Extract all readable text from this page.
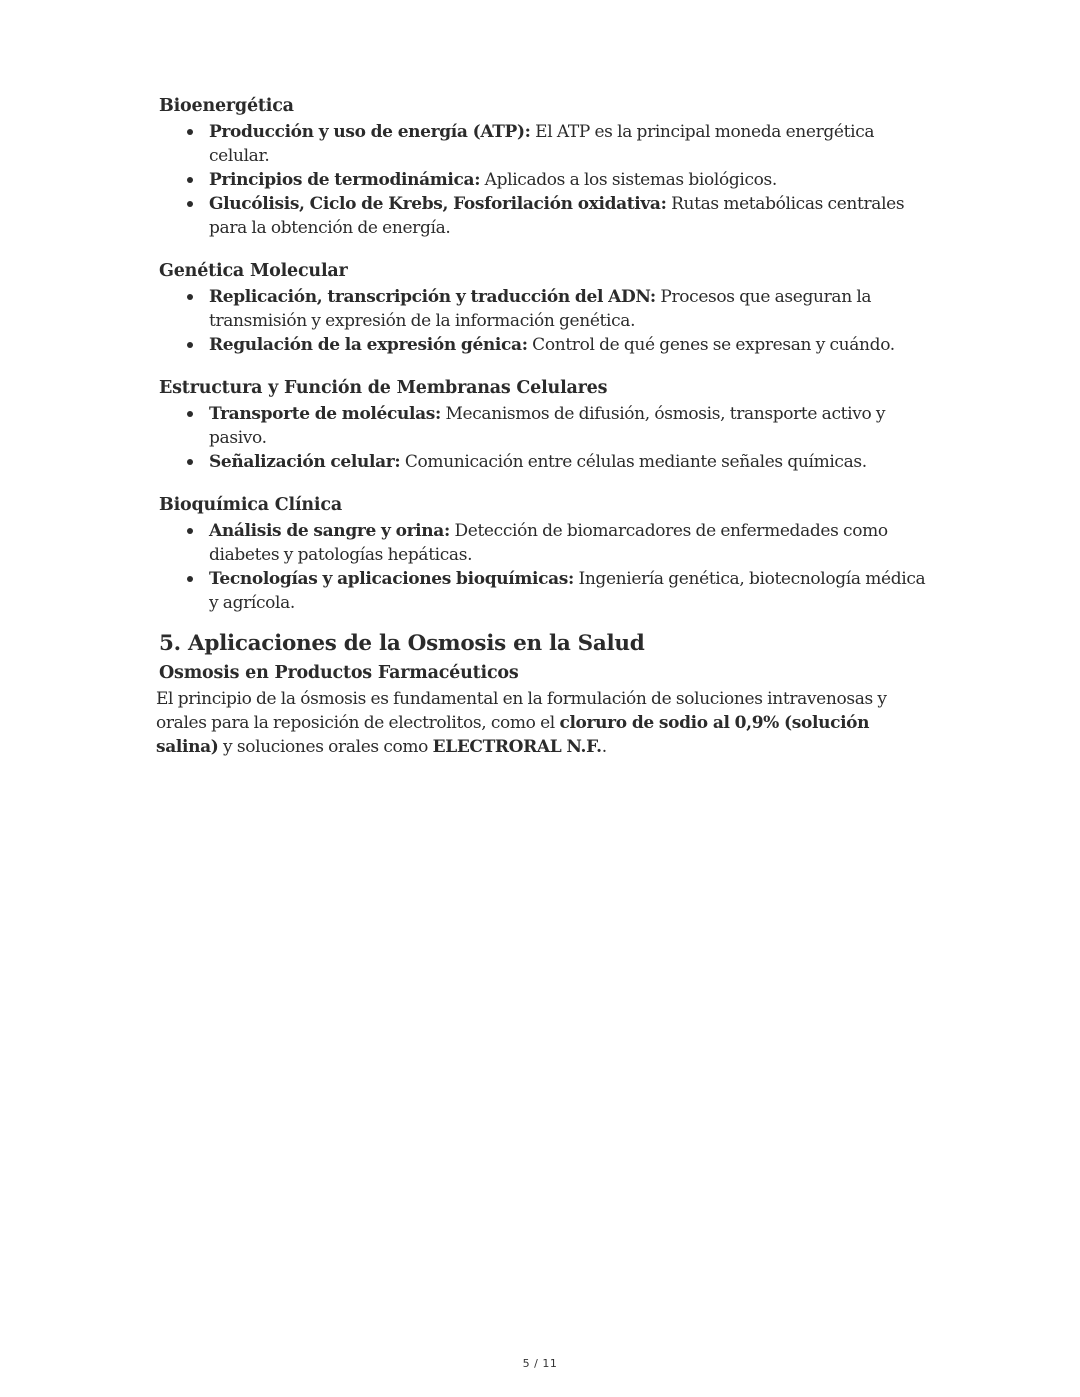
Bioenergética
Producción y uso de energía (ATP): El ATP es la principal moneda energética celular.
Principios de termodinámica: Aplicados a los sistemas biológicos.
Glucólisis, Ciclo de Krebs, Fosforilación oxidativa: Rutas metabólicas centrales para la obtención de energía.
Genética Molecular
Replicación, transcripción y traducción del ADN: Procesos que aseguran la transmisión y expresión de la información genética.
Regulación de la expresión génica: Control de qué genes se expresan y cuándo.
Estructura y Función de Membranas Celulares
Transporte de moléculas: Mecanismos de difusión, ósmosis, transporte activo y pasivo.
Señalización celular: Comunicación entre células mediante señales químicas.
Bioquímica Clínica
Análisis de sangre y orina: Detección de biomarcadores de enfermedades como diabetes y patologías hepáticas.
Tecnologías y aplicaciones bioquímicas: Ingeniería genética, biotecnología médica y agrícola.
5. Aplicaciones de la Osmosis en la Salud
Osmosis en Productos Farmacéuticos

El principio de la ósmosis es fundamental en la formulación de soluciones intravenosas y orales para la reposición de electrolitos, como el cloruro de sodio al 0,9% (solución salina) y soluciones orales como ELECTRORAL N.F..

5 / 11
